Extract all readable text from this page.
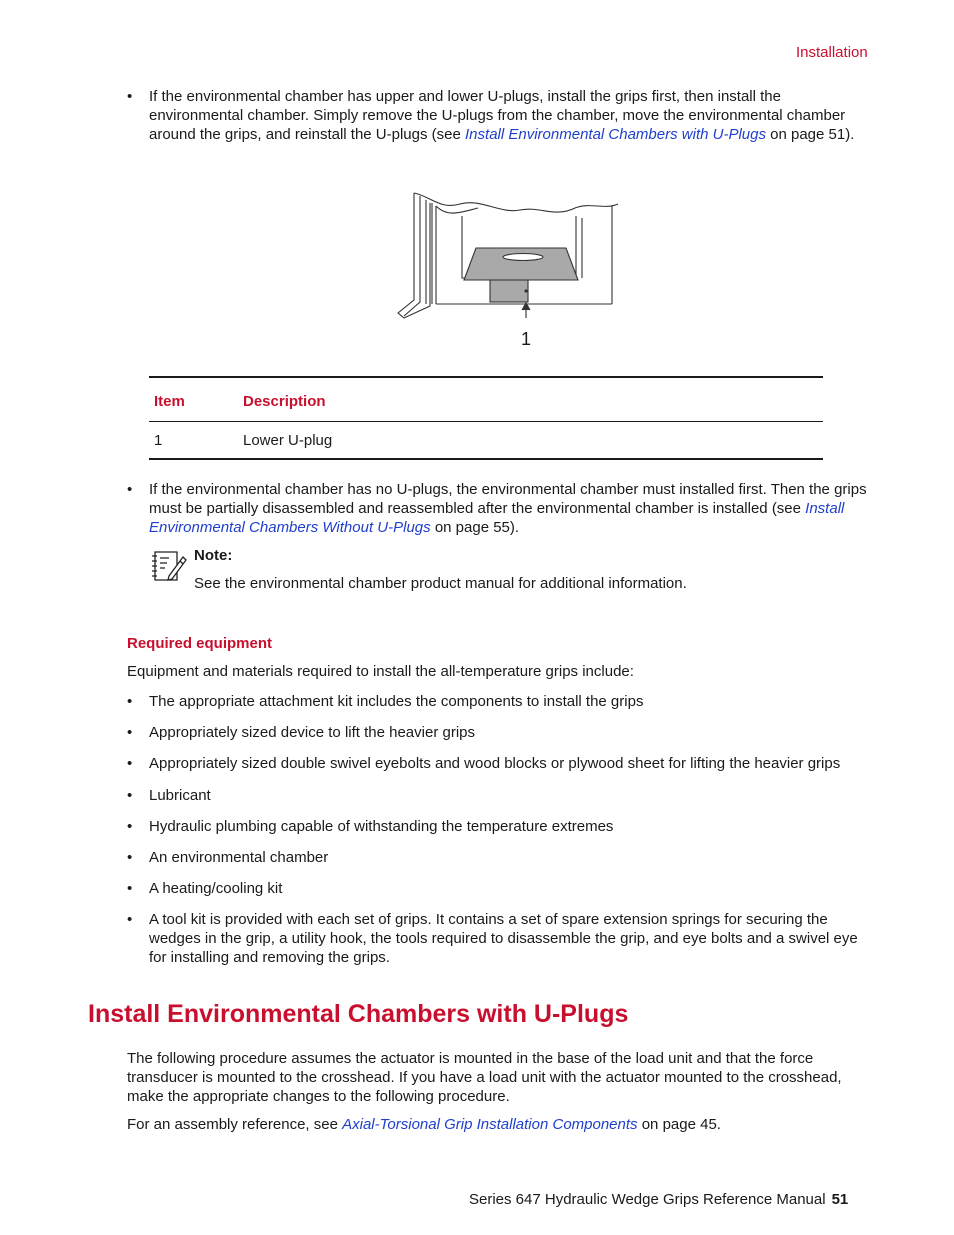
Installation
• If the environmental chamber has upper and lower U-plugs, install the grips first, then install the environmental chamber. Simply remove the U-plugs from the chamber, move the environmental chamber around the grips, and reinstall the U-plugs (see Install Environmental Chambers with U-Plugs on page 51).
1
Item	Description
1	Lower U-plug
• If the environmental chamber has no U-plugs, the environmental chamber must installed first. Then the grips must be partially disassembled and reassembled after the environmental chamber is installed (see Install Environmental Chambers Without U-Plugs on page 55).
Note:
See the environmental chamber product manual for additional information.
Required equipment
Equipment and materials required to install the all-temperature grips include:
• The appropriate attachment kit includes the components to install the grips
• Appropriately sized device to lift the heavier grips
• Appropriately sized double swivel eyebolts and wood blocks or plywood sheet for lifting the heavier grips
• Lubricant
• Hydraulic plumbing capable of withstanding the temperature extremes
• An environmental chamber
• A heating/cooling kit
• A tool kit is provided with each set of grips. It contains a set of spare extension springs for securing the wedges in the grip, a utility hook, the tools required to disassemble the grip, and eye bolts and a swivel eye for installing and removing the grips.
Install Environmental Chambers with U-Plugs
The following procedure assumes the actuator is mounted in the base of the load unit and that the force transducer is mounted to the crosshead. If you have a load unit with the actuator mounted to the crosshead, make the appropriate changes to the following procedure.
For an assembly reference, see Axial-Torsional Grip Installation Components on page 45.
Series 647 Hydraulic Wedge Grips Reference Manual 51
